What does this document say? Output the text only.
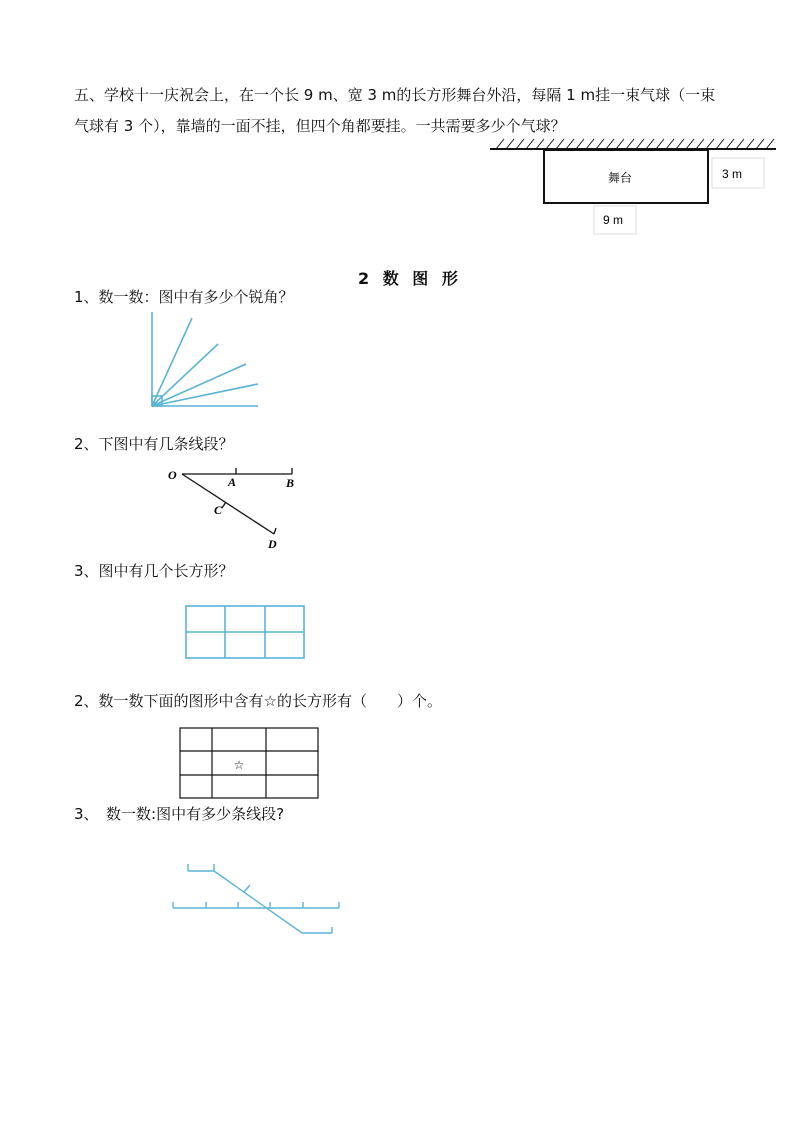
五、学校十一庆祝会上，在一个长 9 m、宽 3 m的长方形舞台外沿，每隔 1 m挂一束气球（一束
气球有 3 个），靠墙的一面不挂，但四个角都要挂。一共需要多少个气球？
舞台	3 m
9 m
2 数 图 形
1、数一数：图中有多少个锐角？
2、下图中有几条线段？
O	A	B
C
D
3、图中有几个长方形？
2、数一数下面的图形中含有☆的长方形有（　　）个。
☆
3、　数一数:图中有多少条线段?
